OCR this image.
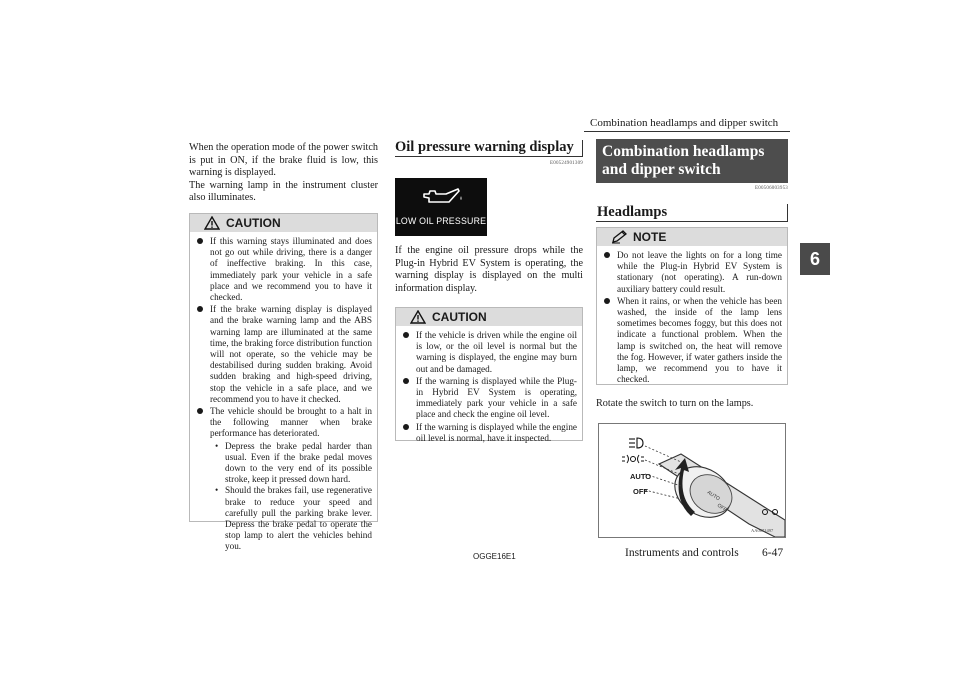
Combination headlamps and dipper switch
6
When the operation mode of the power switch is put in ON, if the brake fluid is low, this warning is displayed.
The warning lamp in the instrument cluster also illuminates.
CAUTION
If this warning stays illuminated and does not go out while driving, there is a danger of ineffective braking. In this case, immediately park your vehicle in a safe place and we recommend you to have it checked.
If the brake warning display is displayed and the brake warning lamp and the ABS warning lamp are illuminated at the same time, the braking force distribution function will not operate, so the vehicle may be destabilised during sudden braking. Avoid sudden braking and high-speed driving, stop the vehicle in a safe place, and we recommend you to have it checked.
The vehicle should be brought to a halt in the following manner when brake performance has deteriorated.
• Depress the brake pedal harder than usual. Even if the brake pedal moves down to the very end of its possible stroke, keep it pressed down hard.
• Should the brakes fail, use regenerative brake to reduce your speed and carefully pull the parking brake lever. Depress the brake pedal to operate the stop lamp to alert the vehicles behind you.
Oil pressure warning display
E00524901309
LOW OIL PRESSURE
If the engine oil pressure drops while the Plug-in Hybrid EV System is operating, the warning display is displayed on the multi information display.
CAUTION
If the vehicle is driven while the engine oil is low, or the oil level is normal but the warning is displayed, the engine may burn out and be damaged.
If the warning is displayed while the Plug-in Hybrid EV System is operating, immediately park your vehicle in a safe place and check the engine oil level.
If the warning is displayed while the engine oil level is normal, have it inspected.
Combination headlamps and dipper switch
E00506003953
Headlamps
NOTE
Do not leave the lights on for a long time while the Plug-in Hybrid EV System is stationary (not operating). A run-down auxiliary battery could result.
When it rains, or when the vehicle has been washed, the inside of the lamp lens sometimes becomes foggy, but this does not indicate a functional problem. When the lamp is switched on, the heat will remove the fog. However, if water gathers inside the lamp, we recommend you to have it checked.
Rotate the switch to turn on the lamps.
AUTO
OFF
AUTO
OFF
AA0071497
OGGE16E1	Instruments and controls 6-47
